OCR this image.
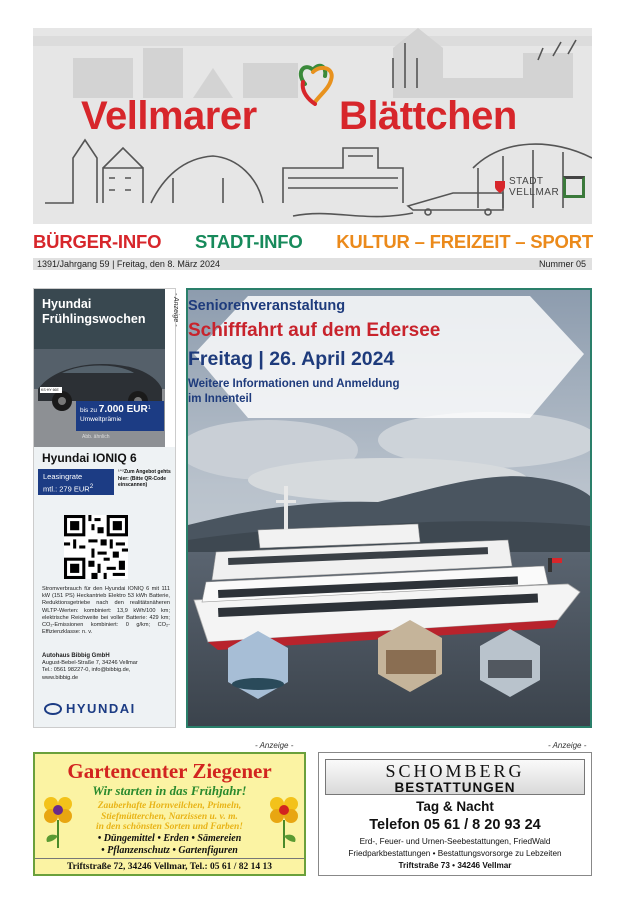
Vellmarer Blättchen
STADT
VELLMAR
BÜRGER-INFO STADT-INFO KULTUR – FREIZEIT – SPORT
1391/Jahrgang 59 | Freitag, den 8. März 2024	Nummer 05
Hyundai
Frühlingswochen
KS·HY 66E
bis zu 7.000 EUR$^1$
Umweltprämie
Abb. ähnlich
- Anzeige -
Hyundai IONIQ 6
Leasingrate
mtl.: 279 EUR$^2$
¹⁺²Zum Angebot gehts hier: (Bitte QR-Code einscannen)
Stromverbrauch für den Hyundai IONIQ 6 mit 111 kW (151 PS) Heckantrieb Elektro 53 kWh Batterie, Reduktionsgetriebe nach den realitätsnäheren WLTP-Werten: kombiniert: 13,9 kWh/100 km; elektrische Reichweite bei voller Batterie: 429 km; CO₂-Emissionen kombiniert: 0 g/km; CO₂-Effizienzklasse: n. v.
Autohaus Bibbig GmbH
August-Bebel-Straße 7, 34246 Vellmar
Tel.: 0561 98227-0, info@bibbig.de,
www.bibbig.de
HYUNDAI
Seniorenveranstaltung
Schifffahrt auf dem Edersee
Freitag | 26. April 2024
Weitere Informationen und Anmeldung
im Innenteil
- Anzeige -	- Anzeige -
Gartencenter Ziegener
Wir starten in das Frühjahr!
Zauberhafte Hornveilchen, Primeln,
Stiefmütterchen, Narzissen u. v. m.
in den schönsten Sorten und Farben!
• Düngemittel • Erden • Sämereien
• Pflanzenschutz • Gartenfiguren
Triftstraße 72, 34246 Vellmar, Tel.: 05 61 / 82 14 13
SCHOMBERG
BESTATTUNGEN
Tag & Nacht
Telefon 05 61 / 8 20 93 24
Erd-, Feuer- und Urnen-Seebestattungen, FriedWald
Friedparkbestattungen • Bestattungsvorsorge zu Lebzeiten
Triftstraße 73 • 34246 Vellmar
